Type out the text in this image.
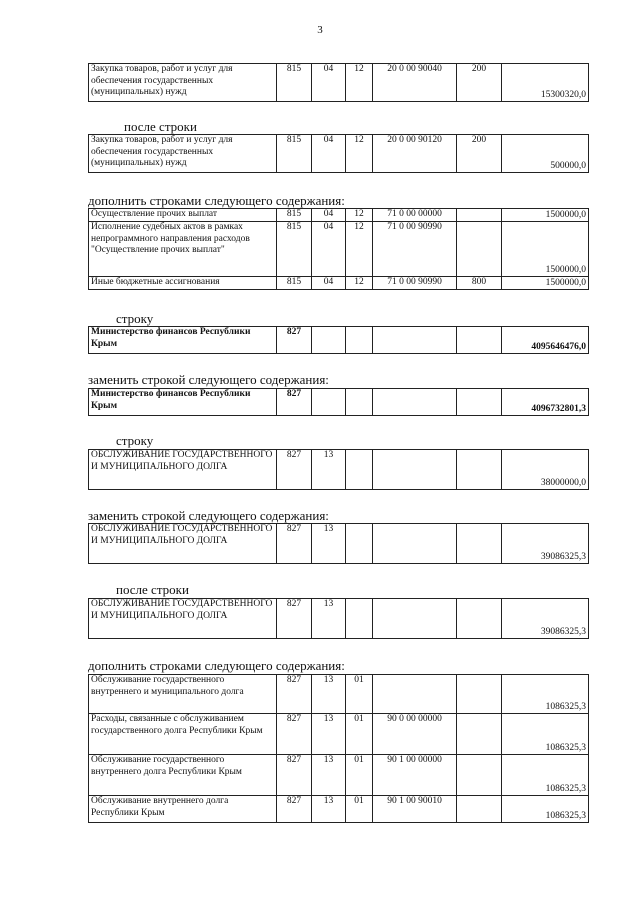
3
Закупка товаров, работ и услуг для обеспечения государственных (муниципальных) нужд	815	04	12	20 0 00 90040	200	15300320,0
после строки
Закупка товаров, работ и услуг для обеспечения государственных (муниципальных) нужд	815	04	12	20 0 00 90120	200	500000,0
дополнить строками следующего содержания:
Осуществление прочих выплат	815	04	12	71 0 00 00000		1500000,0
Исполнение судебных актов в рамках непрограммного направления расходов "Осуществление прочих выплат"	815	04	12	71 0 00 90990		1500000,0
Иные бюджетные ассигнования	815	04	12	71 0 00 90990	800	1500000,0
строку
Министерство финансов Республики Крым	827					4095646476,0
заменить строкой следующего содержания:
Министерство финансов Республики Крым	827					4096732801,3
строку
ОБСЛУЖИВАНИЕ ГОСУДАРСТВЕННОГО И МУНИЦИПАЛЬНОГО ДОЛГА	827	13				38000000,0
заменить строкой следующего содержания:
ОБСЛУЖИВАНИЕ ГОСУДАРСТВЕННОГО И МУНИЦИПАЛЬНОГО ДОЛГА	827	13				39086325,3
после строки
ОБСЛУЖИВАНИЕ ГОСУДАРСТВЕННОГО И МУНИЦИПАЛЬНОГО ДОЛГА	827	13				39086325,3
дополнить строками следующего содержания:
Обслуживание государственного внутреннего и муниципального долга	827	13	01			1086325,3
Расходы, связанные с обслуживанием государственного долга Республики Крым	827	13	01	90 0 00 00000		1086325,3
Обслуживание государственного внутреннего долга Республики Крым	827	13	01	90 1 00 00000		1086325,3
Обслуживание внутреннего долга Республики Крым	827	13	01	90 1 00 90010		1086325,3
